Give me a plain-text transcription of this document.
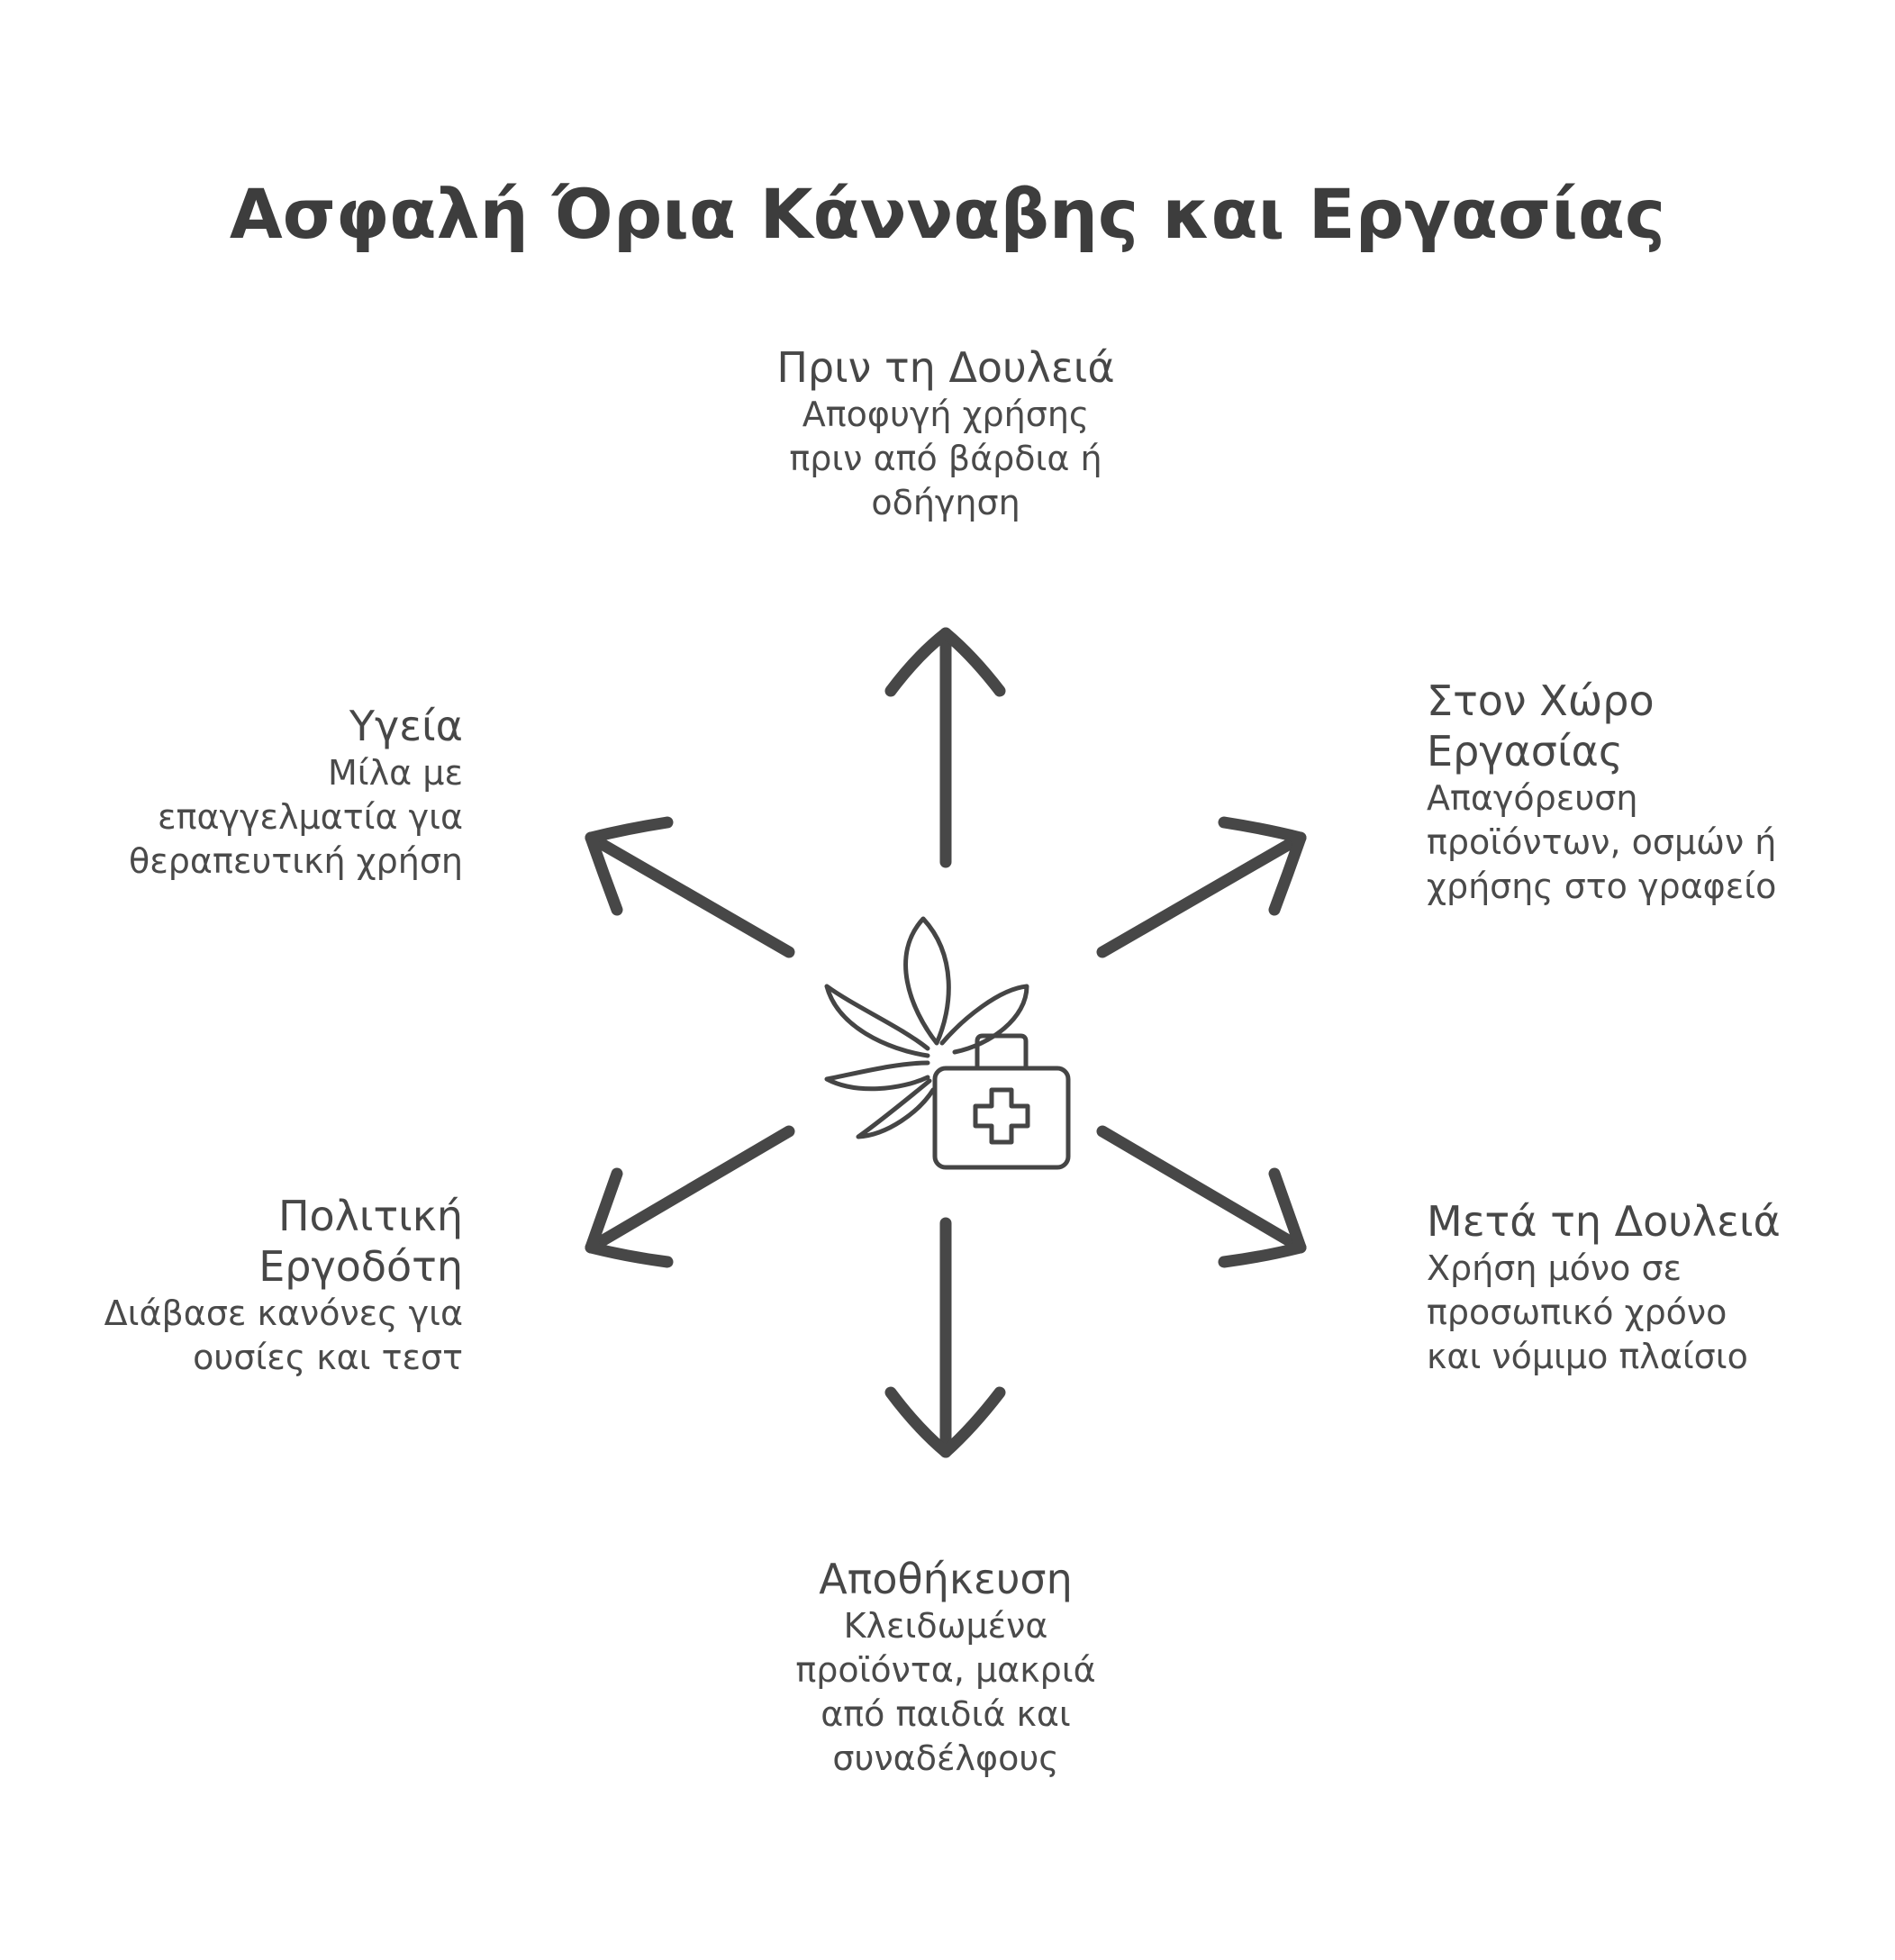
Ασφαλή Όρια Κάνναβης και Εργασίας
Πριν τη Δουλειά
Αποφυγή χρήσης
πριν από βάρδια ή
οδήγηση
Στον Χώρο
Εργασίας
Απαγόρευση
προϊόντων, οσμών ή
χρήσης στο γραφείο
Μετά τη Δουλειά
Χρήση μόνο σε
προσωπικό χρόνο
και νόμιμο πλαίσιο
Αποθήκευση
Κλειδωμένα
προϊόντα, μακριά
από παιδιά και
συναδέλφους
Πολιτική
Εργοδότη
Διάβασε κανόνες για
ουσίες και τεστ
Υγεία
Μίλα με
επαγγελματία για
θεραπευτική χρήση
